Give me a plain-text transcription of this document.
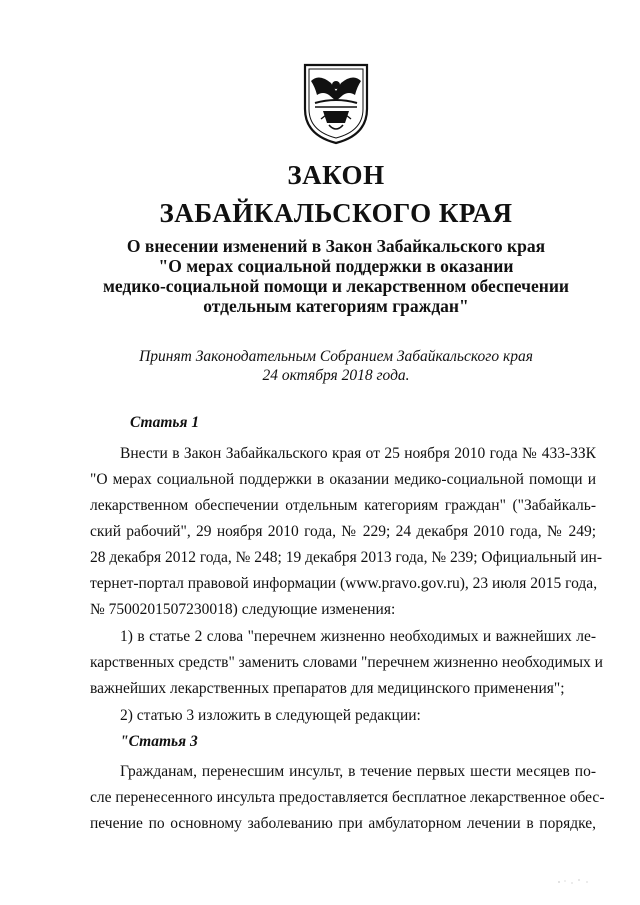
ЗАКОН
ЗАБАЙКАЛЬСКОГО КРАЯ
О внесении изменений в Закон Забайкальского края
"О мерах социальной поддержки в оказании
медико-социальной помощи и лекарственном обеспечении
отдельным категориям граждан"
Принят Законодательным Собранием Забайкальского края
24 октября 2018 года.
Статья 1
Внести в Закон Забайкальского края от 25 ноября 2010 года № 433-ЗЗК
"О мерах социальной поддержки в оказании медико-социальной помощи и
лекарственном обеспечении отдельным категориям граждан" ("Забайкаль-
ский рабочий", 29 ноября 2010 года, № 229; 24 декабря 2010 года, № 249;
28 декабря 2012 года, № 248; 19 декабря 2013 года, № 239; Официальный ин-
тернет-портал правовой информации (www.pravo.gov.ru), 23 июля 2015 года,
№ 7500201507230018) следующие изменения:
1) в статье 2 слова "перечнем жизненно необходимых и важнейших ле-
карственных средств" заменить словами "перечнем жизненно необходимых и
важнейших лекарственных препаратов для медицинского применения";
2) статью 3 изложить в следующей редакции:
"Статья 3
Гражданам, перенесшим инсульт, в течение первых шести месяцев по-
сле перенесенного инсульта предоставляется бесплатное лекарственное обес-
печение по основному заболеванию при амбулаторном лечении в порядке,
